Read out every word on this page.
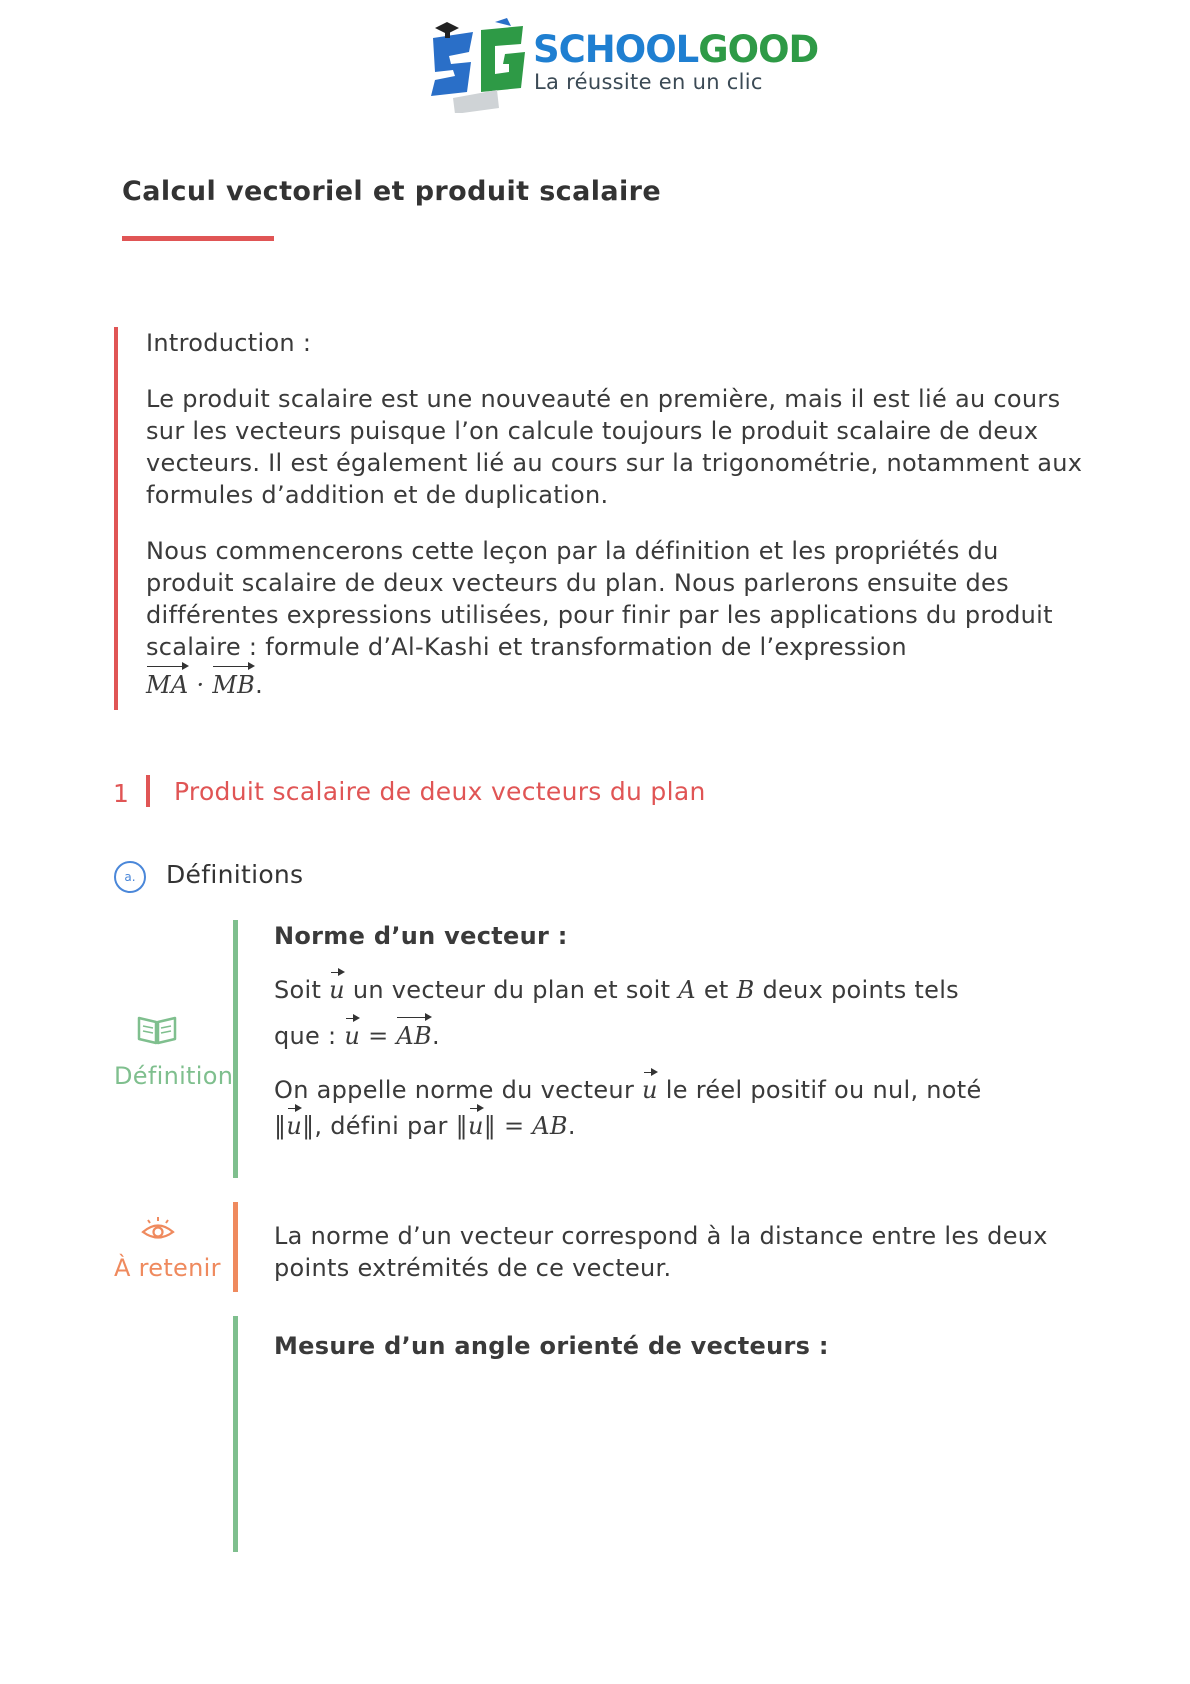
SCHOOLGOOD
La réussite en un clic
Calcul vectoriel et produit scalaire

Introduction :

Le produit scalaire est une nouveauté en première, mais il est lié au cours sur les vecteurs puisque l’on calcule toujours le produit scalaire de deux vecteurs. Il est également lié au cours sur la trigonométrie, notamment aux formules d’addition et de duplication.

Nous commencerons cette leçon par la définition et les propriétés du produit scalaire de deux vecteurs du plan. Nous parlerons ensuite des différentes expressions utilisées, pour finir par les applications du produit scalaire : formule d’Al-Kashi et transformation de l’expression
MA · MB.

1 Produit scalaire de deux vecteurs du plan
a.	Définitions
Définition

Norme d’un vecteur :

Soit u un vecteur du plan et soit A et B deux points tels

que : u = AB.

On appelle norme du vecteur u le réel positif ou nul, noté

‖u‖, défini par ‖u‖ = AB.

À retenir
La norme d’un vecteur correspond à la distance entre les deux points extrémités de ce vecteur.

Mesure d’un angle orienté de vecteurs :
